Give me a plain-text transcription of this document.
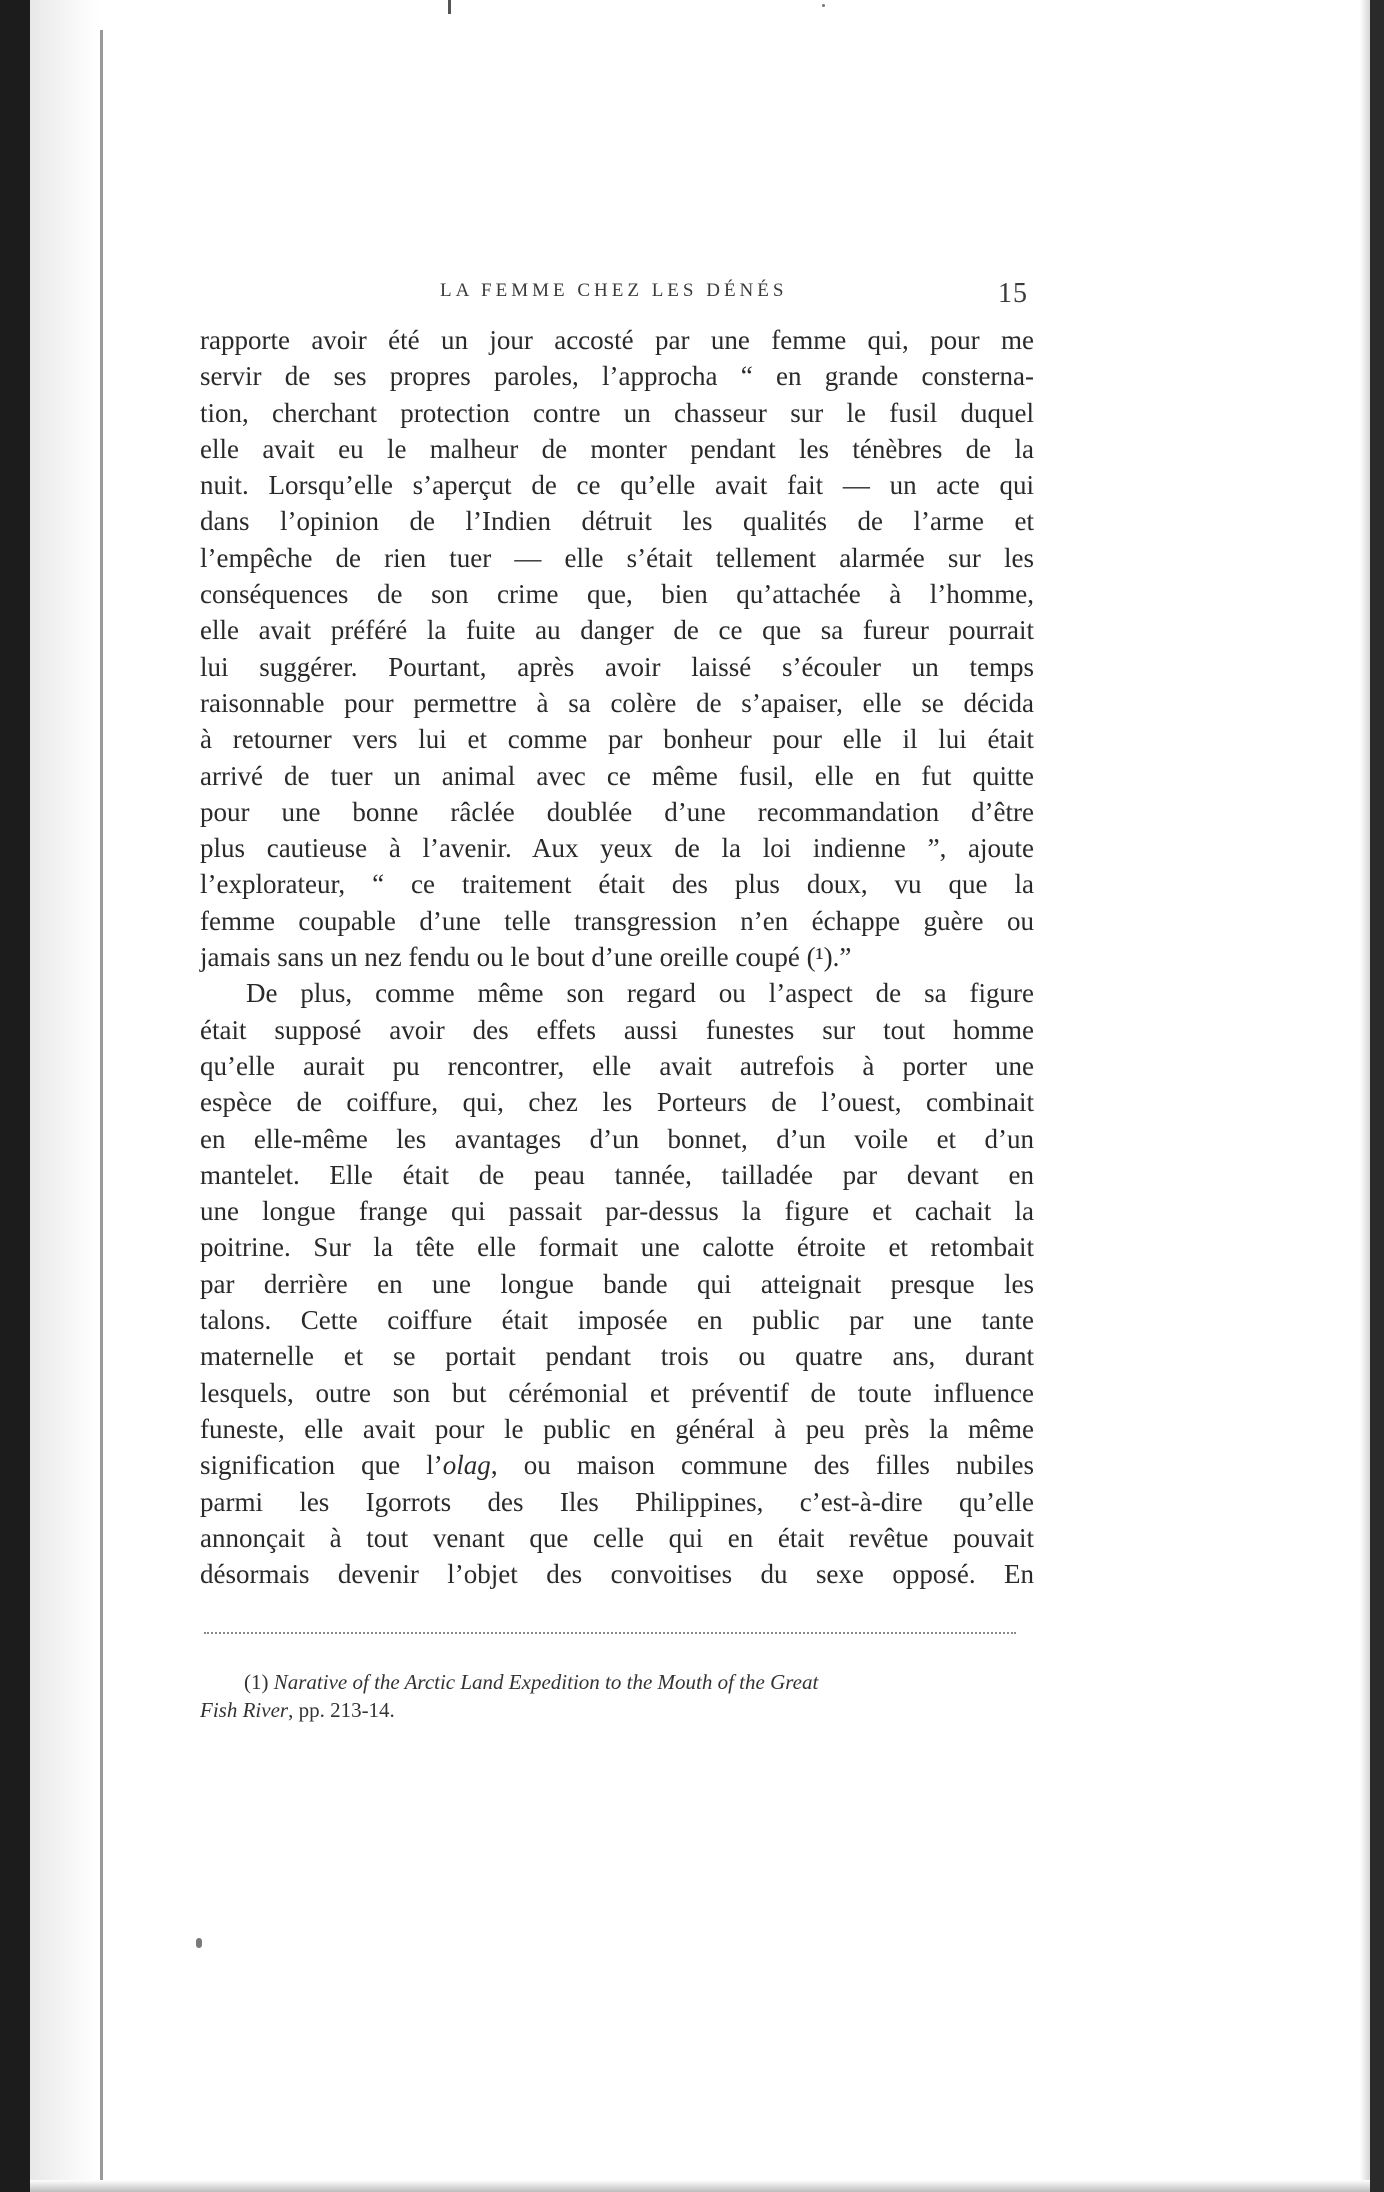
LA FEMME CHEZ LES DÉNÉS	15

rapporte avoir été un jour accosté par une femme qui, pour me
servir de ses propres paroles, l’approcha “ en grande consterna-
tion, cherchant protection contre un chasseur sur le fusil duquel
elle avait eu le malheur de monter pendant les ténèbres de la
nuit. Lorsqu’elle s’aperçut de ce qu’elle avait fait — un acte qui
dans l’opinion de l’Indien détruit les qualités de l’arme et
l’empêche de rien tuer — elle s’était tellement alarmée sur les
conséquences de son crime que, bien qu’attachée à l’homme,
elle avait préféré la fuite au danger de ce que sa fureur pourrait
lui suggérer. Pourtant, après avoir laissé s’écouler un temps
raisonnable pour permettre à sa colère de s’apaiser, elle se décida
à retourner vers lui et comme par bonheur pour elle il lui était
arrivé de tuer un animal avec ce même fusil, elle en fut quitte
pour une bonne râclée doublée d’une recommandation d’être
plus cautieuse à l’avenir. Aux yeux de la loi indienne ”, ajoute
l’explorateur, “ ce traitement était des plus doux, vu que la
femme coupable d’une telle transgression n’en échappe guère ou
jamais sans un nez fendu ou le bout d’une oreille coupé (¹).”

De plus, comme même son regard ou l’aspect de sa figure
était supposé avoir des effets aussi funestes sur tout homme
qu’elle aurait pu rencontrer, elle avait autrefois à porter une
espèce de coiffure, qui, chez les Porteurs de l’ouest, combinait
en elle-même les avantages d’un bonnet, d’un voile et d’un
mantelet. Elle était de peau tannée, tailladée par devant en
une longue frange qui passait par-dessus la figure et cachait la
poitrine. Sur la tête elle formait une calotte étroite et retombait
par derrière en une longue bande qui atteignait presque les
talons. Cette coiffure était imposée en public par une tante
maternelle et se portait pendant trois ou quatre ans, durant
lesquels, outre son but cérémonial et préventif de toute influence
funeste, elle avait pour le public en général à peu près la même
signification que l’olag, ou maison commune des filles nubiles
parmi les Igorrots des Iles Philippines, c’est-à-dire qu’elle
annonçait à tout venant que celle qui en était revêtue pouvait
désormais devenir l’objet des convoitises du sexe opposé. En

(1) Narative of the Arctic Land Expedition to the Mouth of the Great
Fish River, pp. 213-14.
